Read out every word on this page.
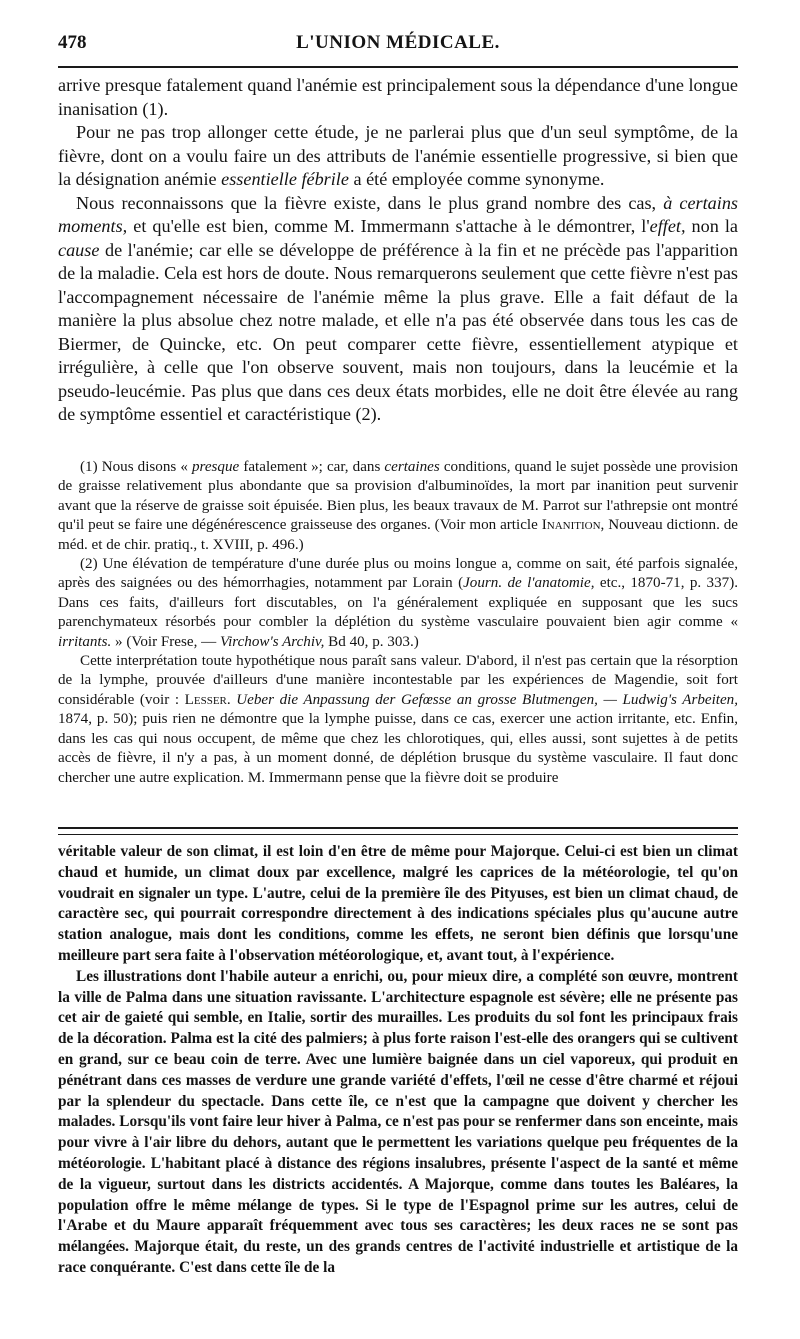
478	L'UNION MÉDICALE.

arrive presque fatalement quand l'anémie est principalement sous la dépendance d'une longue inanisation (1).

Pour ne pas trop allonger cette étude, je ne parlerai plus que d'un seul symptôme, de la fièvre, dont on a voulu faire un des attributs de l'anémie essentielle progressive, si bien que la désignation anémie essentielle fébrile a été employée comme synonyme.

Nous reconnaissons que la fièvre existe, dans le plus grand nombre des cas, à certains moments, et qu'elle est bien, comme M. Immermann s'attache à le démontrer, l'effet, non la cause de l'anémie; car elle se développe de préférence à la fin et ne précède pas l'apparition de la maladie. Cela est hors de doute. Nous remarquerons seulement que cette fièvre n'est pas l'accompagnement nécessaire de l'anémie même la plus grave. Elle a fait défaut de la manière la plus absolue chez notre malade, et elle n'a pas été observée dans tous les cas de Biermer, de Quincke, etc. On peut comparer cette fièvre, essentiellement atypique et irrégulière, à celle que l'on observe souvent, mais non toujours, dans la leucémie et la pseudo-leucémie. Pas plus que dans ces deux états morbides, elle ne doit être élevée au rang de symptôme essentiel et caractéristique (2).

(1) Nous disons « presque fatalement »; car, dans certaines conditions, quand le sujet possède une provision de graisse relativement plus abondante que sa provision d'albuminoïdes, la mort par inanition peut survenir avant que la réserve de graisse soit épuisée. Bien plus, les beaux travaux de M. Parrot sur l'athrepsie ont montré qu'il peut se faire une dégénérescence graisseuse des organes. (Voir mon article Inanition, Nouveau dictionn. de méd. et de chir. pratiq., t. XVIII, p. 496.)

(2) Une élévation de température d'une durée plus ou moins longue a, comme on sait, été parfois signalée, après des saignées ou des hémorrhagies, notamment par Lorain (Journ. de l'anatomie, etc., 1870-71, p. 337). Dans ces faits, d'ailleurs fort discutables, on l'a généralement expliquée en supposant que les sucs parenchymateux résorbés pour combler la déplétion du système vasculaire pouvaient bien agir comme « irritants. » (Voir Frese, — Virchow's Archiv, Bd 40, p. 303.)

Cette interprétation toute hypothétique nous paraît sans valeur. D'abord, il n'est pas certain que la résorption de la lymphe, prouvée d'ailleurs d'une manière incontestable par les expériences de Magendie, soit fort considérable (voir : Lesser. Ueber die Anpassung der Gefœsse an grosse Blutmengen, — Ludwig's Arbeiten, 1874, p. 50); puis rien ne démontre que la lymphe puisse, dans ce cas, exercer une action irritante, etc. Enfin, dans les cas qui nous occupent, de même que chez les chlorotiques, qui, elles aussi, sont sujettes à de petits accès de fièvre, il n'y a pas, à un moment donné, de déplétion brusque du système vasculaire. Il faut donc chercher une autre explication. M. Immermann pense que la fièvre doit se produire

véritable valeur de son climat, il est loin d'en être de même pour Majorque. Celui-ci est bien un climat chaud et humide, un climat doux par excellence, malgré les caprices de la météorologie, tel qu'on voudrait en signaler un type. L'autre, celui de la première île des Pityuses, est bien un climat chaud, de caractère sec, qui pourrait correspondre directement à des indications spéciales plus qu'aucune autre station analogue, mais dont les conditions, comme les effets, ne seront bien définis que lorsqu'une meilleure part sera faite à l'observation météorologique, et, avant tout, à l'expérience.

Les illustrations dont l'habile auteur a enrichi, ou, pour mieux dire, a complété son œuvre, montrent la ville de Palma dans une situation ravissante. L'architecture espagnole est sévère; elle ne présente pas cet air de gaieté qui semble, en Italie, sortir des murailles. Les produits du sol font les principaux frais de la décoration. Palma est la cité des palmiers; à plus forte raison l'est-elle des orangers qui se cultivent en grand, sur ce beau coin de terre. Avec une lumière baignée dans un ciel vaporeux, qui produit en pénétrant dans ces masses de verdure une grande variété d'effets, l'œil ne cesse d'être charmé et réjoui par la splendeur du spectacle. Dans cette île, ce n'est que la campagne que doivent y chercher les malades. Lorsqu'ils vont faire leur hiver à Palma, ce n'est pas pour se renfermer dans son enceinte, mais pour vivre à l'air libre du dehors, autant que le permettent les variations quelque peu fréquentes de la météorologie. L'habitant placé à distance des régions insalubres, présente l'aspect de la santé et même de la vigueur, surtout dans les districts accidentés. A Majorque, comme dans toutes les Baléares, la population offre le même mélange de types. Si le type de l'Espagnol prime sur les autres, celui de l'Arabe et du Maure apparaît fréquemment avec tous ses caractères; les deux races ne se sont pas mélangées. Majorque était, du reste, un des grands centres de l'activité industrielle et artistique de la race conquérante. C'est dans cette île de la
